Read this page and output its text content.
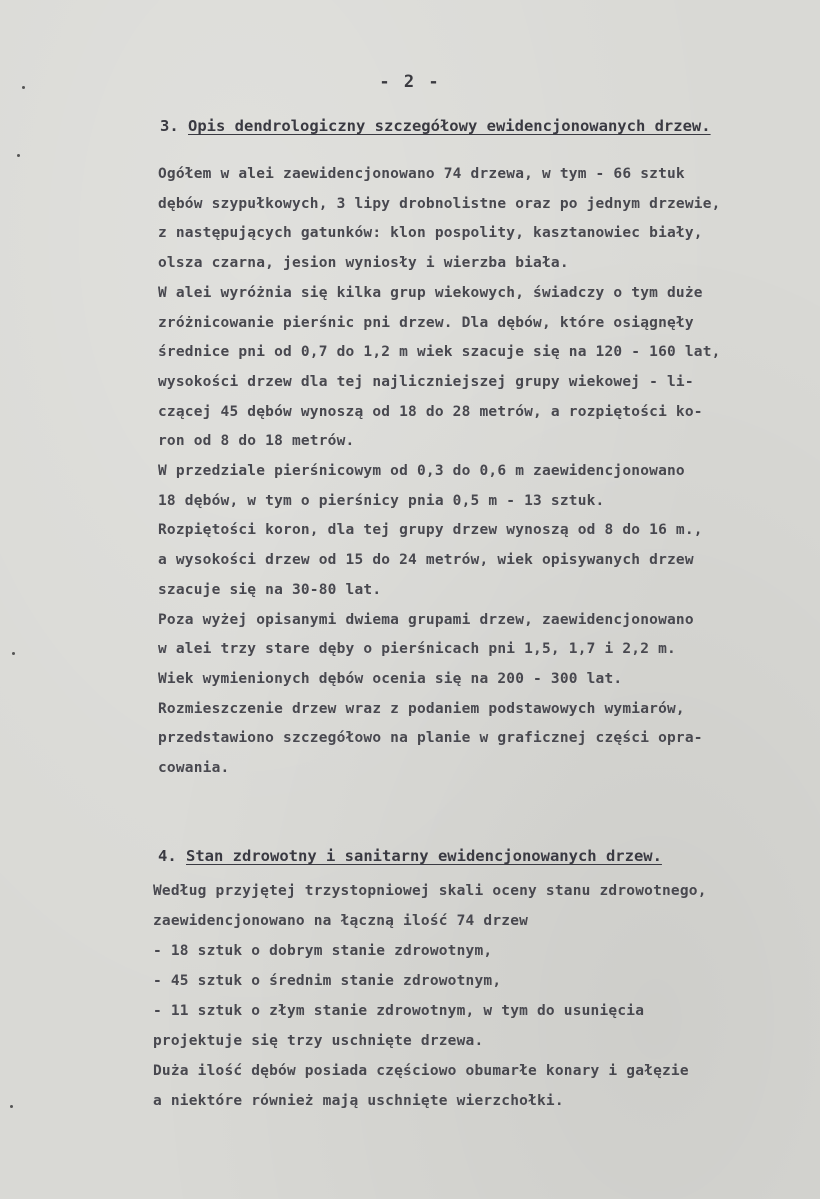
- 2 -
3. Opis dendrologiczny szczegółowy ewidencjonowanych drzew.
Ogółem w alei zaewidencjonowano 74 drzewa, w tym - 66 sztuk
dębów szypułkowych, 3 lipy drobnolistne oraz po jednym drzewie,
z następujących gatunków: klon pospolity, kasztanowiec biały,
olsza czarna, jesion wyniosły i wierzba biała.
W alei wyróżnia się kilka grup wiekowych, świadczy o tym duże
zróżnicowanie pierśnic pni drzew. Dla dębów, które osiągnęły
średnice pni od 0,7 do 1,2 m wiek szacuje się na 120 - 160 lat,
wysokości drzew dla tej najliczniejszej grupy wiekowej - li-
czącej 45 dębów wynoszą od 18 do 28 metrów, a rozpiętości ko-
ron od 8 do 18 metrów.
W przedziale pierśnicowym od 0,3 do 0,6 m zaewidencjonowano
18 dębów, w tym o pierśnicy pnia 0,5 m - 13 sztuk.
Rozpiętości koron, dla tej grupy drzew wynoszą od 8 do 16 m.,
a wysokości drzew od 15 do 24 metrów, wiek opisywanych drzew
szacuje się na 30-80 lat.
Poza wyżej opisanymi dwiema grupami drzew, zaewidencjonowano
w alei trzy stare dęby o pierśnicach pni 1,5, 1,7 i 2,2 m.
Wiek wymienionych dębów ocenia się na 200 - 300 lat.
Rozmieszczenie drzew wraz z podaniem podstawowych wymiarów,
przedstawiono szczegółowo na planie w graficznej części opra-
cowania.
4. Stan zdrowotny i sanitarny ewidencjonowanych drzew.
Według przyjętej trzystopniowej skali oceny stanu zdrowotnego,
zaewidencjonowano na łączną ilość 74 drzew
- 18 sztuk o dobrym stanie zdrowotnym,
- 45 sztuk o średnim stanie zdrowotnym,
- 11 sztuk o złym stanie zdrowotnym, w tym do usunięcia
projektuje się trzy uschnięte drzewa.
Duża ilość dębów posiada częściowo obumarłe konary i gałęzie
a niektóre również mają uschnięte wierzchołki.
